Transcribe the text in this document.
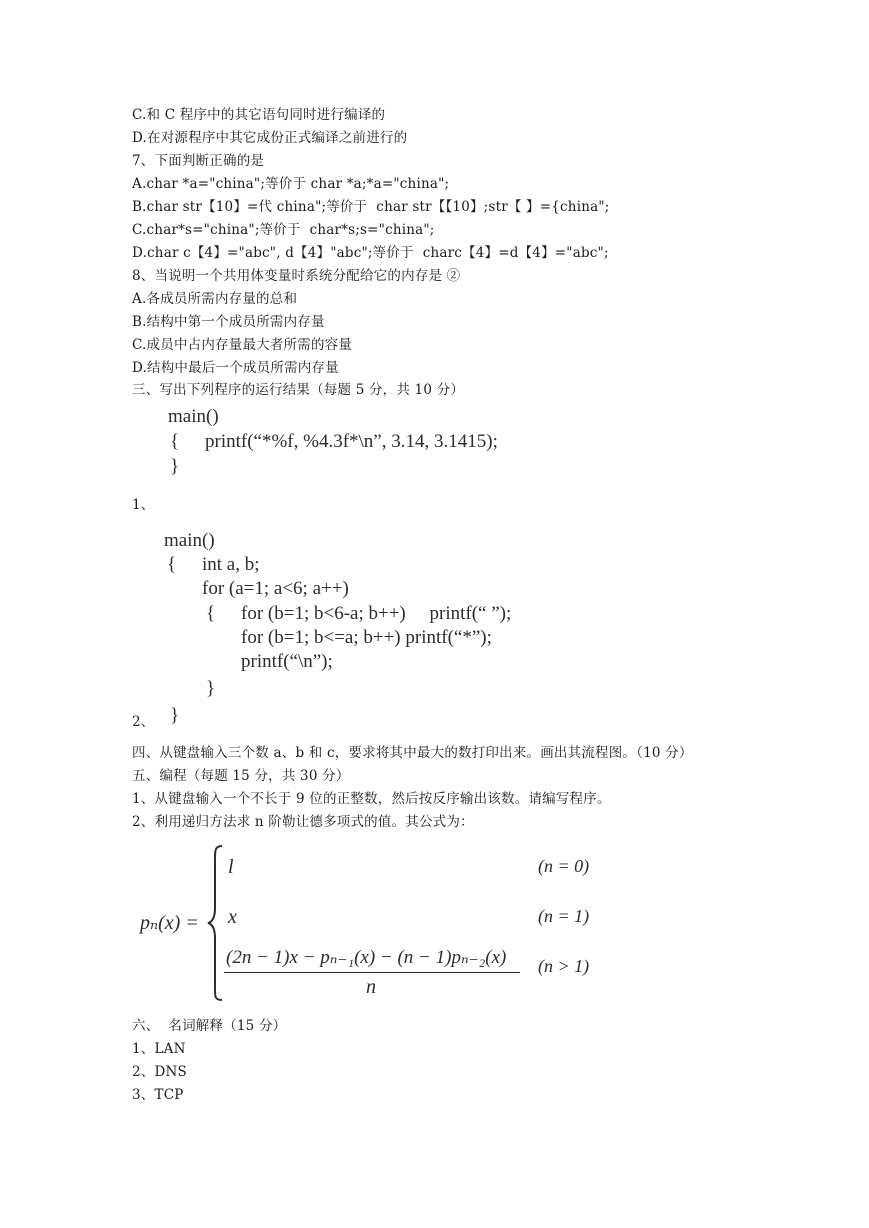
C.和 C 程序中的其它语句同时进行编译的
D.在对源程序中其它成份正式编译之前进行的
7、下面判断正确的是
A.char *a="china";等价于 char *a;*a="china";
B.char str【10】=代 china";等价于  char str【【10】;str【 】={china";
C.char*s="china";等价于  char*s;s="china";
D.char c【4】="abc", d【4】"abc";等价于  charc【4】=d【4】="abc";
8、当说明一个共用体变量时系统分配给它的内存是 ②
A.各成员所需内存量的总和
B.结构中第一个成员所需内存量
C.成员中占内存量最大者所需的容量
D.结构中最后一个成员所需内存量
三、写出下列程序的运行结果（每题 5 分，共 10 分）
main()
{ printf(“*%f, %4.3f*\n”, 3.14, 3.1415);
}
1、
main()
{ int a, b;
for (a=1; a<6; a++)
{ for (b=1; b<6-a; b++)     printf(“ ”);
for (b=1; b<=a; b++) printf(“*”);
printf(“\n”);
}
}
2、
四、从键盘输入三个数 a、b 和 c，要求将其中最大的数打印出来。画出其流程图。（10 分）
五、编程（每题 15 分，共 30 分）
1、从键盘输入一个不长于 9 位的正整数，然后按反序输出该数。请编写程序。
2、利用递归方法求 n 阶勒让德多项式的值。其公式为：
pₙ(x) =
l	(n = 0)
x	(n = 1)
(2n − 1)x − pₙ₋₁(x) − (n − 1)pₙ₋₂(x)
n
(n > 1)
六、  名词解释（15 分）
1、LAN
2、DNS
3、TCP
